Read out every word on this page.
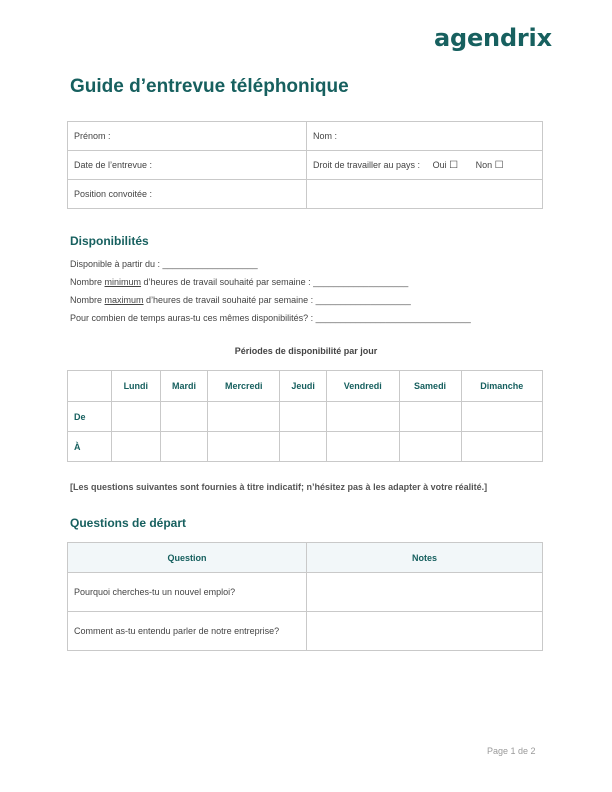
agendrix
Guide d’entrevue téléphonique
Prénom :	Nom :
Date de l’entrevue :	Droit de travailler au pays : Oui ☐ Non ☐
Position convoitée :	
Disponibilités
Disponible à partir du : ___________________
Nombre minimum d’heures de travail souhaité par semaine : ___________________
Nombre maximum d’heures de travail souhaité par semaine : ___________________
Pour combien de temps auras-tu ces mêmes disponibilités? : _______________________________
Périodes de disponibilité par jour
	Lundi	Mardi	Mercredi	Jeudi	Vendredi	Samedi	Dimanche
De							
À							
[Les questions suivantes sont fournies à titre indicatif; n’hésitez pas à les adapter à votre réalité.]
Questions de départ
Question	Notes
Pourquoi cherches-tu un nouvel emploi?	
Comment as-tu entendu parler de notre entreprise?	
Page 1 de 2
